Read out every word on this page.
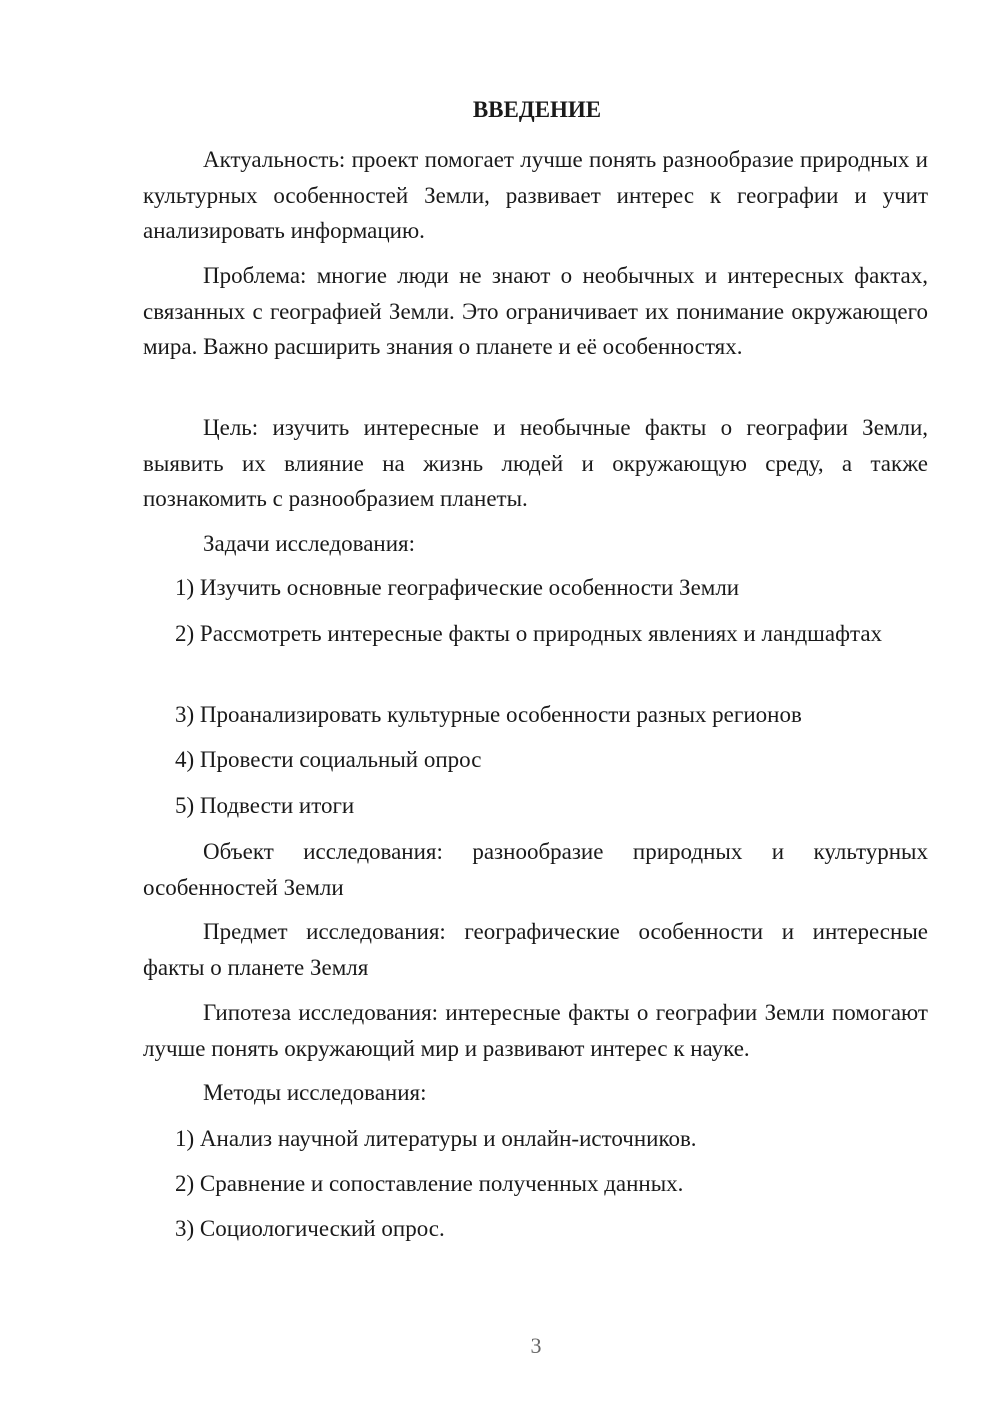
ВВЕДЕНИЕ

Актуальность: проект помогает лучше понять разнообразие природных и культурных особенностей Земли, развивает интерес к географии и учит анализировать информацию.

Проблема: многие люди не знают о необычных и интересных фактах, связанных с географией Земли. Это ограничивает их понимание окружающего мира. Важно расширить знания о планете и её особенностях.

Цель: изучить интересные и необычные факты о географии Земли, выявить их влияние на жизнь людей и окружающую среду, а также познакомить с разнообразием планеты.

Задачи исследования:

1) Изучить основные географические особенности Земли

2) Рассмотреть интересные факты о природных явлениях и ландшафтах

3) Проанализировать культурные особенности разных регионов

4) Провести социальный опрос

5) Подвести итоги

Объект исследования: разнообразие природных и культурных особенностей Земли

Предмет исследования: географические особенности и интересные факты о планете Земля

Гипотеза исследования: интересные факты о географии Земли помогают лучше понять окружающий мир и развивают интерес к науке.

Методы исследования:

1) Анализ научной литературы и онлайн-источников.

2) Сравнение и сопоставление полученных данных.

3) Социологический опрос.

3
